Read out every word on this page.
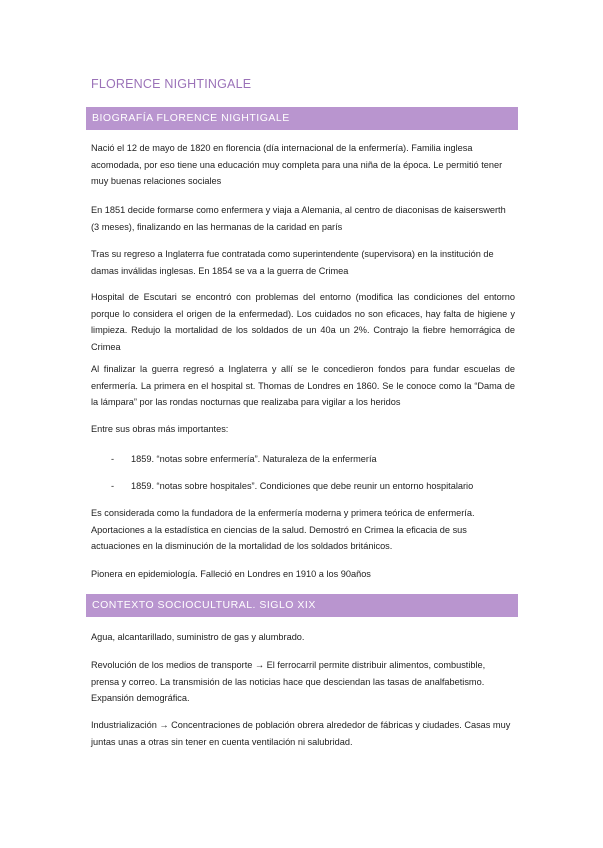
FLORENCE NIGHTINGALE
BIOGRAFÍA FLORENCE NIGHTIGALE
Nació el 12 de mayo de 1820 en florencia (día internacional de la enfermería). Familia inglesa acomodada, por eso tiene una educación muy completa para una niña de la época. Le permitió tener muy buenas relaciones sociales
En 1851 decide formarse como enfermera y viaja a Alemania, al centro de diaconisas de kaiserswerth (3 meses), finalizando en las hermanas de la caridad en parís
Tras su regreso a Inglaterra fue contratada como superintendente (supervisora) en la institución de damas inválidas inglesas. En 1854 se va a la guerra de Crimea
Hospital de Escutari se encontró con problemas del entorno (modifica las condiciones del entorno porque lo considera el origen de la enfermedad). Los cuidados no son eficaces, hay falta de higiene y limpieza. Redujo la mortalidad de los soldados de un 40a un 2%. Contrajo la fiebre hemorrágica de Crimea
Al finalizar la guerra regresó a Inglaterra y allí se le concedieron fondos para fundar escuelas de enfermería. La primera en el hospital st. Thomas de Londres en 1860. Se le conoce como la “Dama de la lámpara” por las rondas nocturnas que realizaba para vigilar a los heridos
Entre sus obras más importantes:
- 1859. “notas sobre enfermería”. Naturaleza de la enfermería
- 1859. “notas sobre hospitales”. Condiciones que debe reunir un entorno hospitalario
Es considerada como la fundadora de la enfermería moderna y primera teórica de enfermería. Aportaciones a la estadística en ciencias de la salud. Demostró en Crimea la eficacia de sus actuaciones en la disminución de la mortalidad de los soldados británicos.
Pionera en epidemiología. Falleció en Londres en 1910 a los 90años
CONTEXTO SOCIOCULTURAL. SIGLO XIX
Agua, alcantarillado, suministro de gas y alumbrado.
Revolución de los medios de transporte → El ferrocarril permite distribuir alimentos, combustible, prensa y correo. La transmisión de las noticias hace que desciendan las tasas de analfabetismo. Expansión demográfica.
Industrialización → Concentraciones de población obrera alrededor de fábricas y ciudades. Casas muy juntas unas a otras sin tener en cuenta ventilación ni salubridad.
